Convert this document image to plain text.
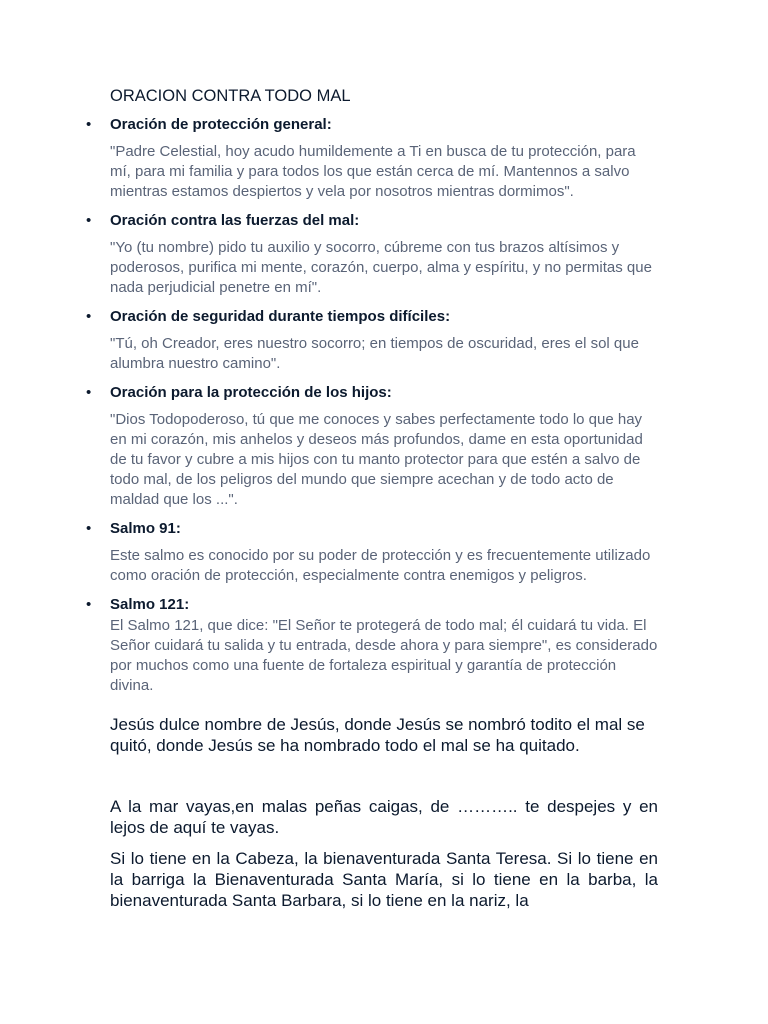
ORACION CONTRA TODO MAL
• Oración de protección general:

"Padre Celestial, hoy acudo humildemente a Ti en busca de tu protección, para mí, para mi familia y para todos los que están cerca de mí. Mantennos a salvo mientras estamos despiertos y vela por nosotros mientras dormimos".

• Oración contra las fuerzas del mal:

"Yo (tu nombre) pido tu auxilio y socorro, cúbreme con tus brazos altísimos y poderosos, purifica mi mente, corazón, cuerpo, alma y espíritu, y no permitas que nada perjudicial penetre en mí".

• Oración de seguridad durante tiempos difíciles:

"Tú, oh Creador, eres nuestro socorro; en tiempos de oscuridad, eres el sol que alumbra nuestro camino".

• Oración para la protección de los hijos:

"Dios Todopoderoso, tú que me conoces y sabes perfectamente todo lo que hay en mi corazón, mis anhelos y deseos más profundos, dame en esta oportunidad de tu favor y cubre a mis hijos con tu manto protector para que estén a salvo de todo mal, de los peligros del mundo que siempre acechan y de todo acto de maldad que los ...".

• Salmo 91:

Este salmo es conocido por su poder de protección y es frecuentemente utilizado como oración de protección, especialmente contra enemigos y peligros.

• Salmo 121:

El Salmo 121, que dice: "El Señor te protegerá de todo mal; él cuidará tu vida. El Señor cuidará tu salida y tu entrada, desde ahora y para siempre", es considerado por muchos como una fuente de fortaleza espiritual y garantía de protección divina.

Jesús dulce nombre de Jesús, donde Jesús se nombró todito el mal se quitó, donde Jesús se ha nombrado todo el mal se ha quitado.

A la mar vayas,en malas peñas caigas, de ……….. te despejes y en lejos de aquí te vayas.

Si lo tiene en la Cabeza, la bienaventurada Santa Teresa. Si lo tiene en la barriga la Bienaventurada Santa María, si lo tiene en la barba, la bienaventurada Santa Barbara, si lo tiene en la nariz, la
